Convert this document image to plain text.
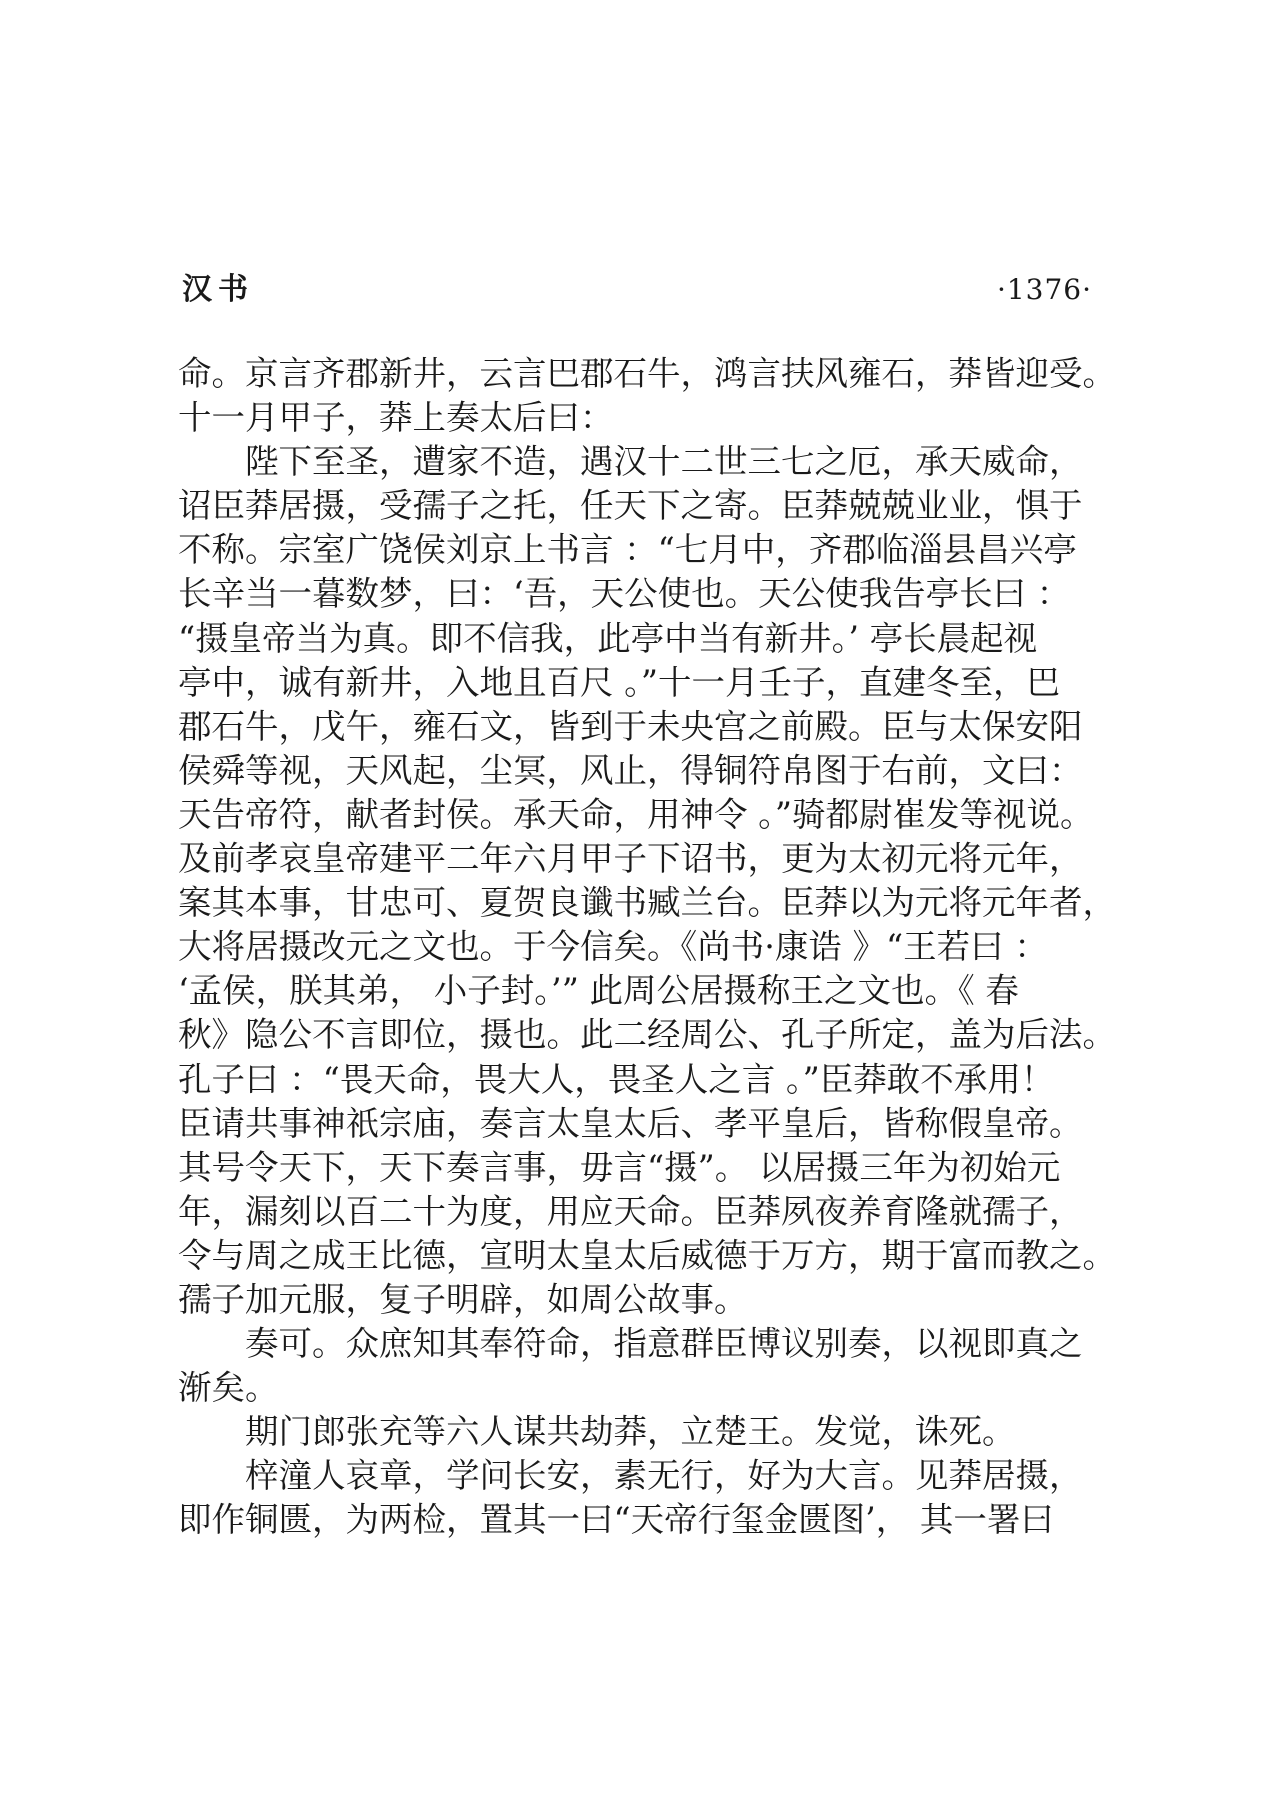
汉书	·1376·
命。京言齐郡新井，云言巴郡石牛，鸿言扶风雍石，莽皆迎受。
十一月甲子，莽上奏太后曰：
　　陛下至圣，遭家不造，遇汉十二世三七之厄，承天威命，
诏臣莽居摄，受孺子之托，任天下之寄。臣莽兢兢业业，惧于
不称。宗室广饶侯刘京上书言 ：“七月中，齐郡临淄县昌兴亭
长辛当一暮数梦，曰：‘吾，天公使也。天公使我告亭长曰 ：
“摄皇帝当为真。即不信我，此亭中当有新井。’ 亭长晨起视
亭中，诚有新井，入地且百尺 。”十一月壬子，直建冬至，巴
郡石牛，戊午，雍石文，皆到于未央宫之前殿。臣与太保安阳
侯舜等视，天风起，尘冥，风止，得铜符帛图于右前，文曰：
天告帝符，献者封侯。承天命，用神令 。”骑都尉崔发等视说。
及前孝哀皇帝建平二年六月甲子下诏书，更为太初元将元年，
案其本事，甘忠可、夏贺良谶书臧兰台。臣莽以为元将元年者，
大将居摄改元之文也。于今信矣。《尚书·康诰 》“王若曰 ：
‘孟侯，朕其弟， 小子封。’” 此周公居摄称王之文也。《 春
秋》隐公不言即位，摄也。此二经周公、孔子所定，盖为后法。
孔子曰 ：“畏天命，畏大人，畏圣人之言 。”臣莽敢不承用！
臣请共事神祇宗庙，奏言太皇太后、孝平皇后，皆称假皇帝。
其号令天下，天下奏言事，毋言“摄”。 以居摄三年为初始元
年，漏刻以百二十为度，用应天命。臣莽夙夜养育隆就孺子，
令与周之成王比德，宣明太皇太后威德于万方，期于富而教之。
孺子加元服，复子明辟，如周公故事。
　　奏可。众庶知其奉符命，指意群臣博议别奏，以视即真之
渐矣。
　　期门郎张充等六人谋共劫莽，立楚王。发觉，诛死。
　　梓潼人哀章，学问长安，素无行，好为大言。见莽居摄，
即作铜匮，为两检，置其一曰“天帝行玺金匮图’， 其一署曰
